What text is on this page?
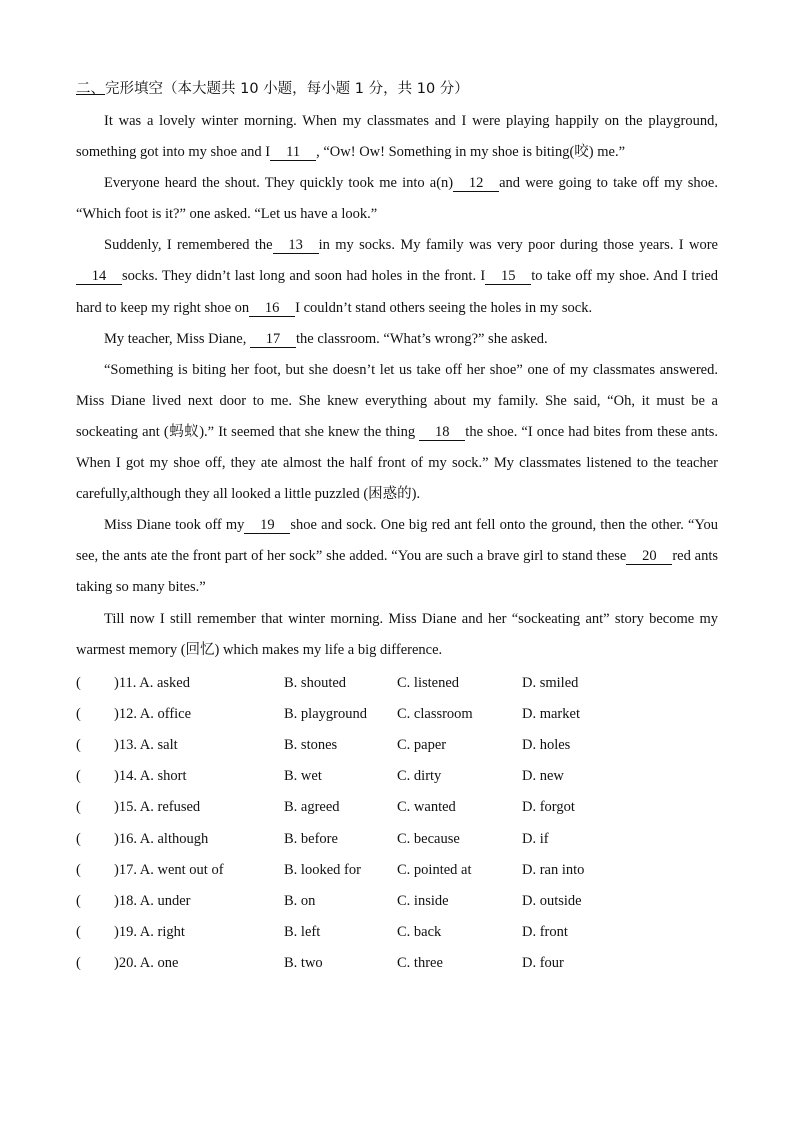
二、完形填空（本大题共 10 小题，每小题 1 分，共 10 分）

It was a lovely winter morning. When my classmates and I were playing happily on the playground, something got into my shoe and I 11 , “Ow! Ow! Something in my shoe is biting(咬) me.”

Everyone heard the shout. They quickly took me into a(n) 12 and were going to take off my shoe. “Which foot is it?” one asked. “Let us have a look.”

Suddenly, I remembered the 13 in my socks. My family was very poor during those years. I wore14 socks. They didn’t last long and soon had holes in the front. I 15 to take off my shoe. And I tried hard to keep my right shoe on 16 I couldn’t stand others seeing the holes in my sock.

My teacher, Miss Diane, 17 the classroom. “What’s wrong?” she asked.

“Something is biting her foot, but she doesn’t let us take off her shoe” one of my classmates answered. Miss Diane lived next door to me. She knew everything about my family. She said, “Oh, it must be a sockeating ant (蚂蚁).” It seemed that she knew the thing 18 the shoe. “I once had bites from these ants. When I got my shoe off, they ate almost the half front of my sock.” My classmates listened to the teacher carefully,although they all looked a little puzzled (困惑的).

Miss Diane took off my 19 shoe and sock. One big red ant fell onto the ground, then the other. “You see, the ants ate the front part of her sock” she added. “You are such a brave girl to stand these 20 red ants taking so many bites.”

Till now I still remember that winter morning. Miss Diane and her “sockeating ant” story become my warmest memory (回忆) which makes my life a big difference.

( )11. A. asked	B. shouted	C. listened	D. smiled
( )12. A. office	B. playground C. classroom	D. market
( )13. A. salt	B. stones	C. paper	D. holes
( )14. A. short	B. wet	C. dirty	D. new
( )15. A. refused	B. agreed	C. wanted	D. forgot
( )16. A. although	B. before	C. because	D. if
( )17. A. went out of	B. looked for C. pointed at	D. ran into
( )18. A. under	B. on	C. inside	D. outside
( )19. A. right	B. left	C. back	D. front
( )20. A. one	B. two	C. three	D. four
